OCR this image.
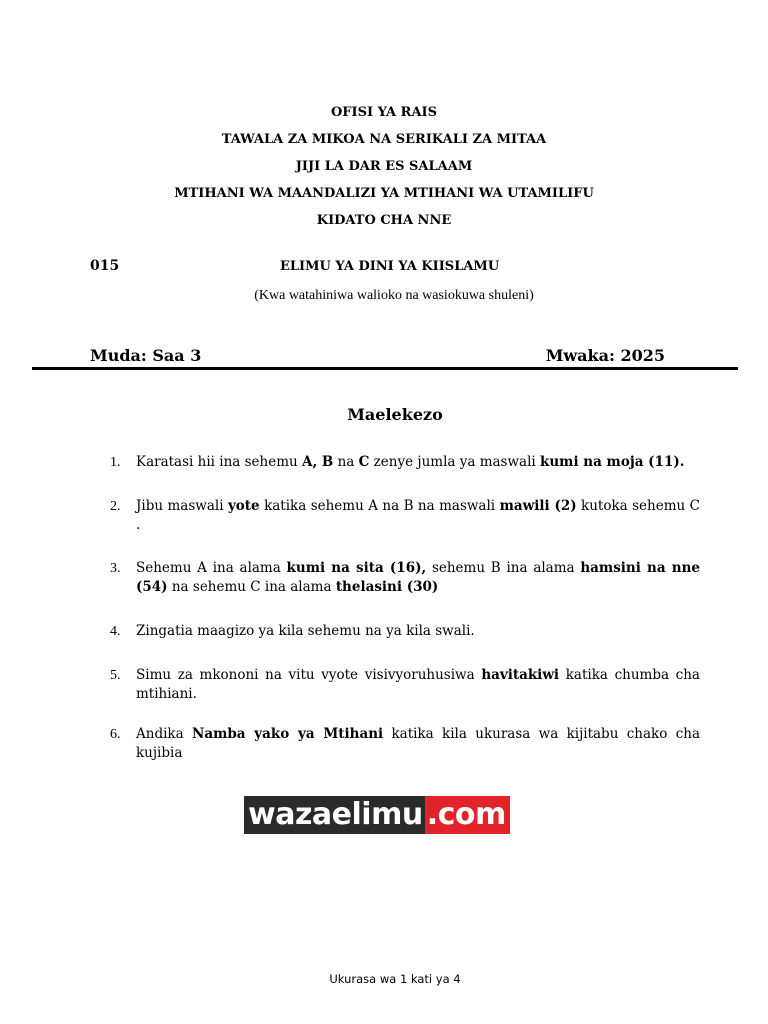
OFISI YA RAIS
TAWALA ZA MIKOA NA SERIKALI ZA MITAA
JIJI LA DAR ES SALAAM
MTIHANI WA MAANDALIZI YA MTIHANI WA UTAMILIFU
KIDATO CHA NNE
015	ELIMU YA DINI YA KIISLAMU
(Kwa watahiniwa walioko na wasiokuwa shuleni)
Muda: Saa 3	Mwaka: 2025
Maelekezo
1. Karatasi hii ina sehemu A, B na C zenye jumla ya maswali kumi na moja (11).
2. Jibu maswali yote katika sehemu A na B na maswali mawili (2) kutoka sehemu C .
3. Sehemu A ina alama kumi na sita (16), sehemu B ina alama hamsini na nne (54) na sehemu C ina alama thelasini (30)
4. Zingatia maagizo ya kila sehemu na ya kila swali.
5. Simu za mkononi na vitu vyote visivyoruhusiwa havitakiwi katika chumba cha mtihiani.
6. Andika Namba yako ya Mtihani katika kila ukurasa wa kijitabu chako cha kujibia
wazaelimu .com
Ukurasa wa 1 kati ya 4
